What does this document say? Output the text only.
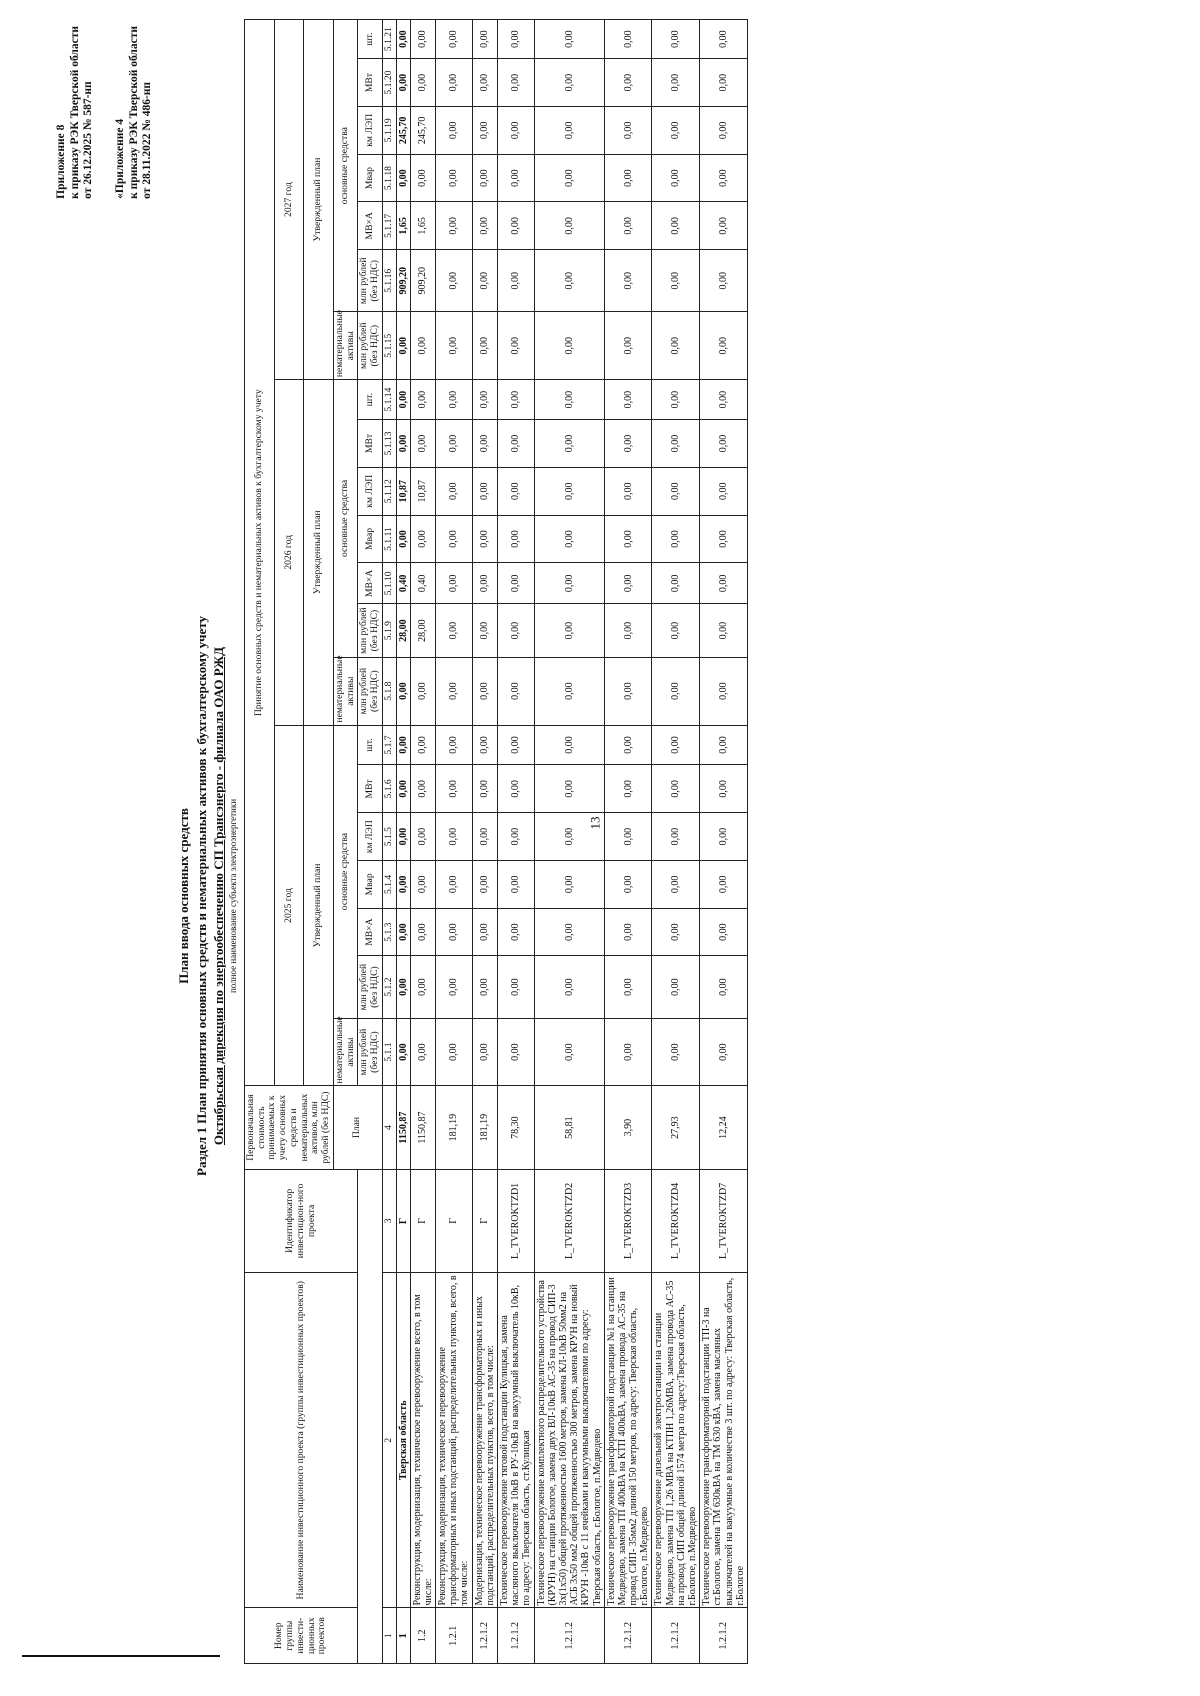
13
Приложение 8 к приказу РЭК Тверской области от 26.12.2025 № 587-нп «Приложение 4 к приказу РЭК Тверской области от 28.11.2022 № 486-нп
План ввода основных средств Раздел 1 План принятия основных средств и нематериальных активов к бухгалтерскому учету Октябрьская дирекция по энергообеспечению СП Трансэнерго - филиала ОАО РЖД полное наименование субъекта электроэнергетики
Номер группы инвести-ционных проектов	Наименование инвестиционного проекта (группы инвестиционных проектов)	Идентификатор инвестицион-ного проекта	Первоначальная стоимость принимаемых к учету основных средств и нематериальных активов, млн рублей (без НДС)	Принятие основных средств и нематериальных активов к бухгалтерскому учету																				
				2025 год							2026 год							2027 год						
				Утвержденный план							Утвержденный план							Утвержденный план						
			План	нематериальные активы	основные средства						нематериальные активы	основные средства						нематериальные активы	основные средства					
				млн рублей (без НДС)	млн рублей (без НДС)	МВ×А	Мвар	км ЛЭП	МВт	шт.	млн рублей (без НДС)	млн рублей (без НДС)	МВ×А	Мвар	км ЛЭП	МВт	шт.	млн рублей (без НДС)	млн рублей (без НДС)	МВ×А	Мвар	км ЛЭП	МВт	шт.
1	2	3	4	5.1.1	5.1.2	5.1.3	5.1.4	5.1.5	5.1.6	5.1.7	5.1.8	5.1.9	5.1.10	5.1.11	5.1.12	5.1.13	5.1.14	5.1.15	5.1.16	5.1.17	5.1.18	5.1.19	5.1.20	5.1.21
1	Тверская область	Г	1150,87	0,00	0,00	0,00	0,00	0,00	0,00	0,00	0,00	28,00	0,40	0,00	10,87	0,00	0,00	0,00	909,20	1,65	0,00	245,70	0,00	0,00
1.2	Реконструкция, модернизация, техническое перевооружение всего, в том числе:	Г	1150,87	0,00	0,00	0,00	0,00	0,00	0,00	0,00	0,00	28,00	0,40	0,00	10,87	0,00	0,00	0,00	909,20	1,65	0,00	245,70	0,00	0,00
1.2.1	Реконструкция, модернизация, техническое перевооружение трансформаторных и иных подстанций, распределительных пунктов, всего, в том числе:	Г	181,19	0,00	0,00	0,00	0,00	0,00	0,00	0,00	0,00	0,00	0,00	0,00	0,00	0,00	0,00	0,00	0,00	0,00	0,00	0,00	0,00	0,00
1.2.1.2	Модернизация, техническое перевооружение трансформаторных и иных подстанций, распределительных пунктов, всего, в том числе:	Г	181,19	0,00	0,00	0,00	0,00	0,00	0,00	0,00	0,00	0,00	0,00	0,00	0,00	0,00	0,00	0,00	0,00	0,00	0,00	0,00	0,00	0,00
1.2.1.2	Техническое перевооружение тяговой подстанции Кулицкая, замена масляного выключателя 10кВ в РУ-10кВ на вакуумный выключатель 10кВ, по адресу: Тверская область, ст.Кулицкая	L_TVEROKTZD1	78,30	0,00	0,00	0,00	0,00	0,00	0,00	0,00	0,00	0,00	0,00	0,00	0,00	0,00	0,00	0,00	0,00	0,00	0,00	0,00	0,00	0,00
1.2.1.2	Техническое перевооружение комплектного распределительного устройства (КРУН) на станции Бологое, замена двух ВЛ-10кВ АС-35 на провод СИП-3 3х(1х50) общей протяженностью 1600 метров, замена КЛ-10кВ 50мм2 на АСБ 3х50 мм2 общей протяженностью 300 метров, замена КРУН на новый КРУН -10кВ с 11 ячейками и вакуумными выключателями по адресу: Тверская область, г.Бологое, п.Медведево	L_TVEROKTZD2	58,81	0,00	0,00	0,00	0,00	0,00	0,00	0,00	0,00	0,00	0,00	0,00	0,00	0,00	0,00	0,00	0,00	0,00	0,00	0,00	0,00	0,00
1.2.1.2	Техническое перевооружение трансформаторной подстанции №1 на станции Медведево, замена ТП 400кВА на КТП 400кВА, замена провода АС-35 на провод СИП- 35мм2 длиной 150 метров, по адресу: Тверская область, г.Бологое, п.Медведево	L_TVEROKTZD3	3,90	0,00	0,00	0,00	0,00	0,00	0,00	0,00	0,00	0,00	0,00	0,00	0,00	0,00	0,00	0,00	0,00	0,00	0,00	0,00	0,00	0,00
1.2.1.2	Техническое перевооружение дизельной электростанции на станции Медведево, замена ТП 1,26 МВА на КТПН 1,26МВА, замена провода АС-35 на провод СИП общей длиной 1574 метра по адресу:Тверская область, г.Бологое, п.Медведево	L_TVEROKTZD4	27,93	0,00	0,00	0,00	0,00	0,00	0,00	0,00	0,00	0,00	0,00	0,00	0,00	0,00	0,00	0,00	0,00	0,00	0,00	0,00	0,00	0,00
1.2.1.2	Техническое перевооружение трансформаторной подстанции ТП-3 на ст.Бологое, замена ТМ 630кВА на ТМ 630 кВА, замена масляных выключателей на вакуумные в количестве 3 шт. по адресу: Тверская область, г.Бологое	L_TVEROKTZD7	12,24	0,00	0,00	0,00	0,00	0,00	0,00	0,00	0,00	0,00	0,00	0,00	0,00	0,00	0,00	0,00	0,00	0,00	0,00	0,00	0,00	0,00
